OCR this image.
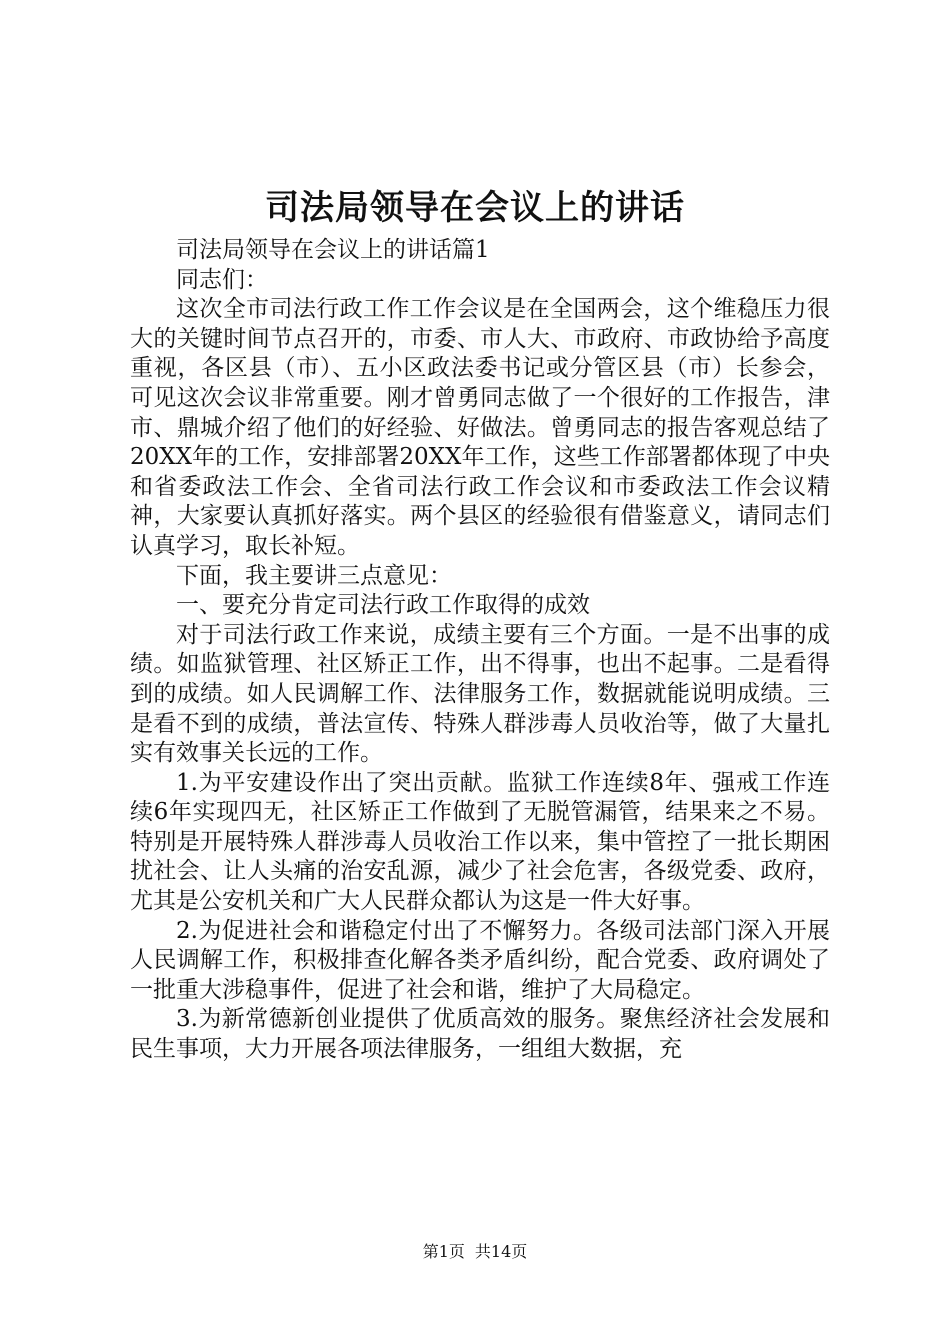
司法局领导在会议上的讲话

司法局领导在会议上的讲话篇1

同志们：

这次全市司法行政工作工作会议是在全国两会，这个维稳压力很大的关键时间节点召开的，市委、市人大、市政府、市政协给予高度重视，各区县（市）、五小区政法委书记或分管区县（市）长参会，可见这次会议非常重要。刚才曾勇同志做了一个很好的工作报告，津市、鼎城介绍了他们的好经验、好做法。曾勇同志的报告客观总结了20XX年的工作，安排部署20XX年工作，这些工作部署都体现了中央和省委政法工作会、全省司法行政工作会议和市委政法工作会议精神，大家要认真抓好落实。两个县区的经验很有借鉴意义，请同志们认真学习，取长补短。

下面，我主要讲三点意见：

一、要充分肯定司法行政工作取得的成效

对于司法行政工作来说，成绩主要有三个方面。一是不出事的成绩。如监狱管理、社区矫正工作，出不得事，也出不起事。二是看得到的成绩。如人民调解工作、法律服务工作，数据就能说明成绩。三是看不到的成绩，普法宣传、特殊人群涉毒人员收治等，做了大量扎实有效事关长远的工作。

1.为平安建设作出了突出贡献。监狱工作连续8年、强戒工作连续6年实现四无，社区矫正工作做到了无脱管漏管，结果来之不易。特别是开展特殊人群涉毒人员收治工作以来，集中管控了一批长期困扰社会、让人头痛的治安乱源，减少了社会危害，各级党委、政府，尤其是公安机关和广大人民群众都认为这是一件大好事。

2.为促进社会和谐稳定付出了不懈努力。各级司法部门深入开展人民调解工作，积极排查化解各类矛盾纠纷，配合党委、政府调处了一批重大涉稳事件，促进了社会和谐，维护了大局稳定。

3.为新常德新创业提供了优质高效的服务。聚焦经济社会发展和民生事项，大力开展各项法律服务，一组组大数据，充

第1页 共14页
